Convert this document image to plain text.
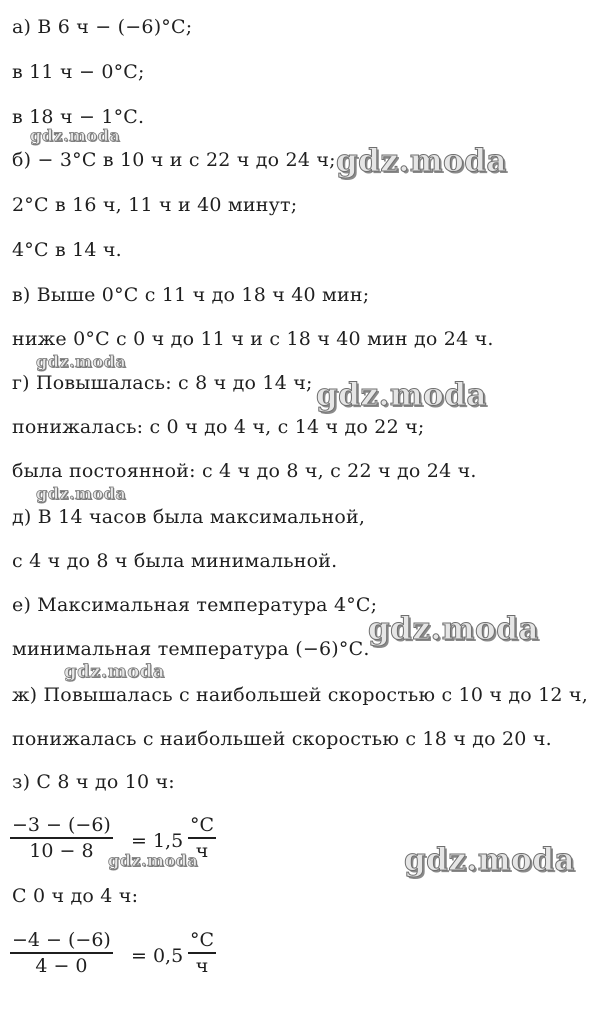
а) В 6 ч − (−6)°С;
в 11 ч − 0°С;
в 18 ч − 1°С.
б) − 3°С в 10 ч и с 22 ч до 24 ч;
2°С в 16 ч, 11 ч и 40 минут;
4°С в 14 ч.
в) Выше 0°С с 11 ч до 18 ч 40 мин;
ниже 0°С с 0 ч до 11 ч и с 18 ч 40 мин до 24 ч.
г) Повышалась: с 8 ч до 14 ч;
понижалась: с 0 ч до 4 ч, с 14 ч до 22 ч;
была постоянной: с 4 ч до 8 ч, с 22 ч до 24 ч.
д) В 14 часов была максимальной,
с 4 ч до 8 ч была минимальной.
е) Максимальная температура 4°С;
минимальная температура (−6)°С.
ж) Повышалась с наибольшей скоростью с 10 ч до 12 ч,
понижалась с наибольшей скоростью с 18 ч до 20 ч.
з) С 8 ч до 10 ч:
−3 − (−6)
10 − 8 = 1,5
°С
ч
С 0 ч до 4 ч:
−4 − (−6)
4 − 0 = 0,5
°С
ч
gdz.moda
gdz.moda
gdz.moda
gdz.moda
gdz.moda
gdz.moda
gdz.moda
gdz.moda	gdz.moda
